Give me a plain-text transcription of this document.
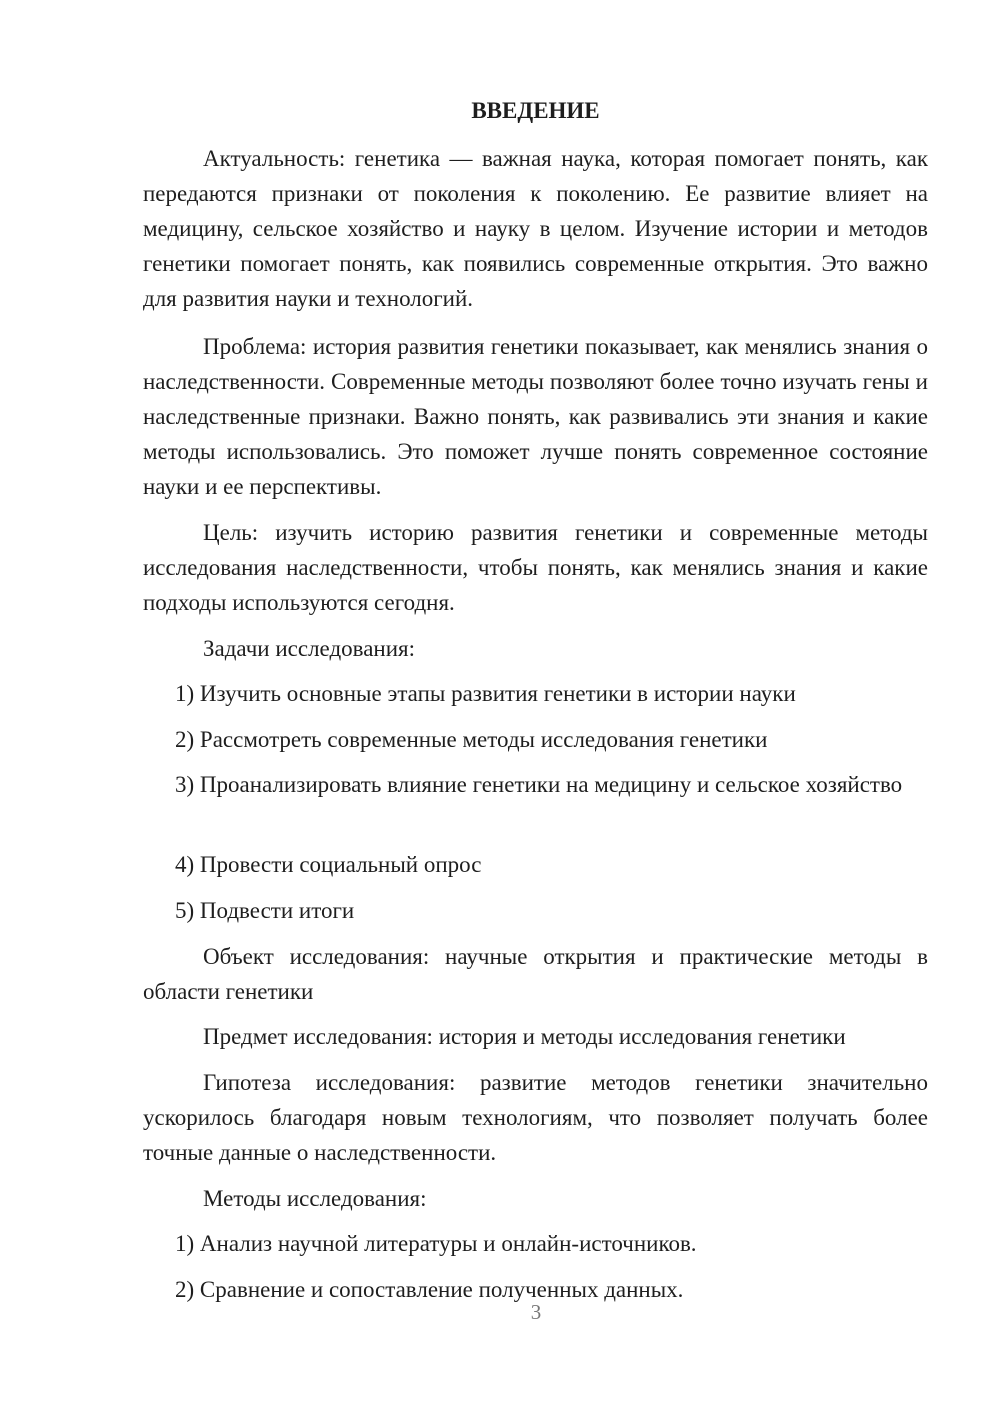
ВВЕДЕНИЕ

Актуальность: генетика — важная наука, которая помогает понять, как передаются признаки от поколения к поколению. Ее развитие влияет на медицину, сельское хозяйство и науку в целом. Изучение истории и методов генетики помогает понять, как появились современные открытия. Это важно для развития науки и технологий.

Проблема: история развития генетики показывает, как менялись знания о наследственности. Современные методы позволяют более точно изучать гены и наследственные признаки. Важно понять, как развивались эти знания и какие методы использовались. Это поможет лучше понять современное состояние науки и ее перспективы.

Цель: изучить историю развития генетики и современные методы исследования наследственности, чтобы понять, как менялись знания и какие подходы используются сегодня.

Задачи исследования:

1) Изучить основные этапы развития генетики в истории науки

2) Рассмотреть современные методы исследования генетики

3) Проанализировать влияние генетики на медицину и сельское хозяйство

4) Провести социальный опрос

5) Подвести итоги

Объект исследования: научные открытия и практические методы в области генетики

Предмет исследования: история и методы исследования генетики

Гипотеза исследования: развитие методов генетики значительно ускорилось благодаря новым технологиям, что позволяет получать более точные данные о наследственности.

Методы исследования:

1) Анализ научной литературы и онлайн-источников.

2) Сравнение и сопоставление полученных данных.

3
